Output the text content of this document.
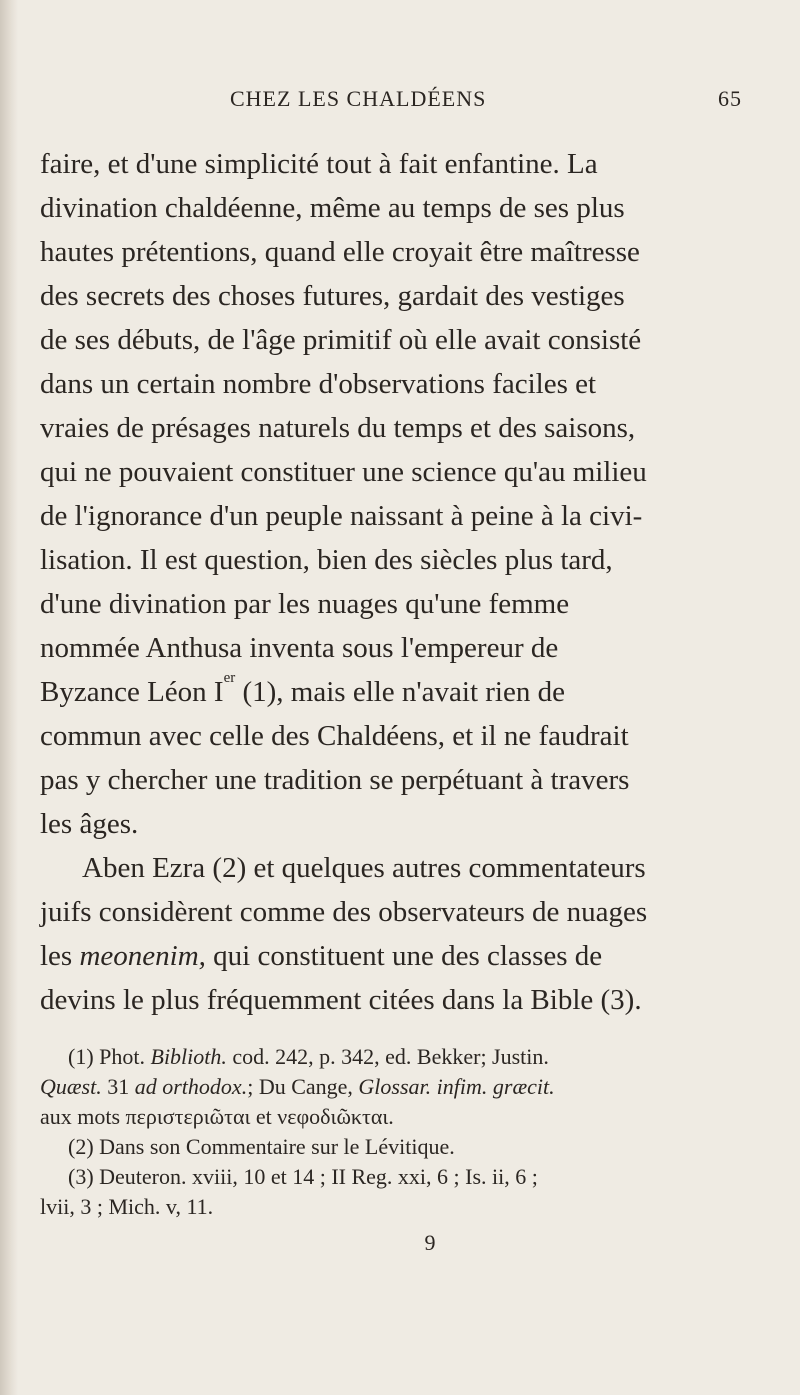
CHEZ LES CHALDÉENS	65
faire, et d'une simplicité tout à fait enfantine. La
divination chaldéenne, même au temps de ses plus
hautes prétentions, quand elle croyait être maîtresse
des secrets des choses futures, gardait des vestiges
de ses débuts, de l'âge primitif où elle avait consisté
dans un certain nombre d'observations faciles et
vraies de présages naturels du temps et des saisons,
qui ne pouvaient constituer une science qu'au milieu
de l'ignorance d'un peuple naissant à peine à la civi-
lisation. Il est question, bien des siècles plus tard,
d'une divination par les nuages qu'une femme
nommée Anthusa inventa sous l'empereur de
Byzance Léon Ier (1), mais elle n'avait rien de
commun avec celle des Chaldéens, et il ne faudrait
pas y chercher une tradition se perpétuant à travers
les âges.
Aben Ezra (2) et quelques autres commentateurs
juifs considèrent comme des observateurs de nuages
les meonenim, qui constituent une des classes de
devins le plus fréquemment citées dans la Bible (3).
(1) Phot. Biblioth. cod. 242, p. 342, ed. Bekker; Justin.
Quæst. 31 ad orthodox.; Du Cange, Glossar. infim. græcit.
aux mots περιστεριῶται et νεφοδιῶκται.
(2) Dans son Commentaire sur le Lévitique.
(3) Deuteron. xviii, 10 et 14 ; II Reg. xxi, 6 ; Is. ii, 6 ;
lvii, 3 ; Mich. v, 11.
9
